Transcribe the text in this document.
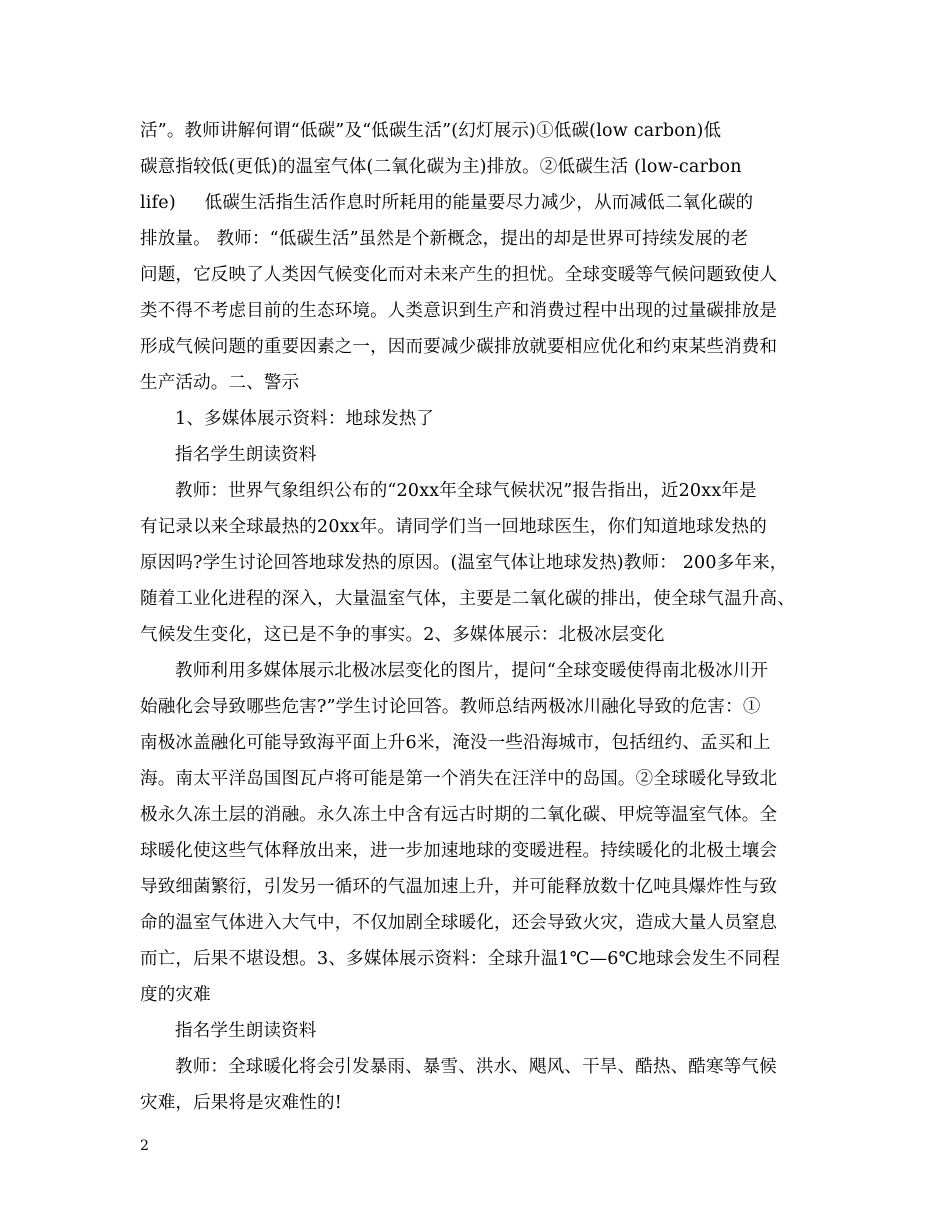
活”。教师讲解何谓“低碳”及“低碳生活”(幻灯展示)①低碳(low carbon)低
碳意指较低(更低)的温室气体(二氧化碳为主)排放。②低碳生活 (low-carbon
life)     低碳生活指生活作息时所耗用的能量要尽力减少，从而减低二氧化碳的
排放量。 教师：“低碳生活”虽然是个新概念，提出的却是世界可持续发展的老
问题，它反映了人类因气候变化而对未来产生的担忧。全球变暖等气候问题致使人
类不得不考虑目前的生态环境。人类意识到生产和消费过程中出现的过量碳排放是
形成气候问题的重要因素之一，因而要减少碳排放就要相应优化和约束某些消费和
生产活动。二、警示
1、多媒体展示资料：地球发热了
指名学生朗读资料
教师：世界气象组织公布的“20xx年全球气候状况”报告指出，近20xx年是
有记录以来全球最热的20xx年。请同学们当一回地球医生，你们知道地球发热的
原因吗?学生讨论回答地球发热的原因。(温室气体让地球发热)教师： 200多年来，
随着工业化进程的深入，大量温室气体，主要是二氧化碳的排出，使全球气温升高、
气候发生变化，这已是不争的事实。2、多媒体展示：北极冰层变化
教师利用多媒体展示北极冰层变化的图片，提问“全球变暖使得南北极冰川开
始融化会导致哪些危害?”学生讨论回答。教师总结两极冰川融化导致的危害：①
南极冰盖融化可能导致海平面上升6米，淹没一些沿海城市，包括纽约、孟买和上
海。南太平洋岛国图瓦卢将可能是第一个消失在汪洋中的岛国。②全球暖化导致北
极永久冻土层的消融。永久冻土中含有远古时期的二氧化碳、甲烷等温室气体。全
球暖化使这些气体释放出来，进一步加速地球的变暖进程。持续暖化的北极土壤会
导致细菌繁衍，引发另一循环的气温加速上升，并可能释放数十亿吨具爆炸性与致
命的温室气体进入大气中，不仅加剧全球暖化，还会导致火灾，造成大量人员窒息
而亡，后果不堪设想。3、多媒体展示资料：全球升温1℃—6℃地球会发生不同程
度的灾难
指名学生朗读资料
教师：全球暖化将会引发暴雨、暴雪、洪水、飓风、干旱、酷热、酷寒等气候
灾难，后果将是灾难性的!
2
